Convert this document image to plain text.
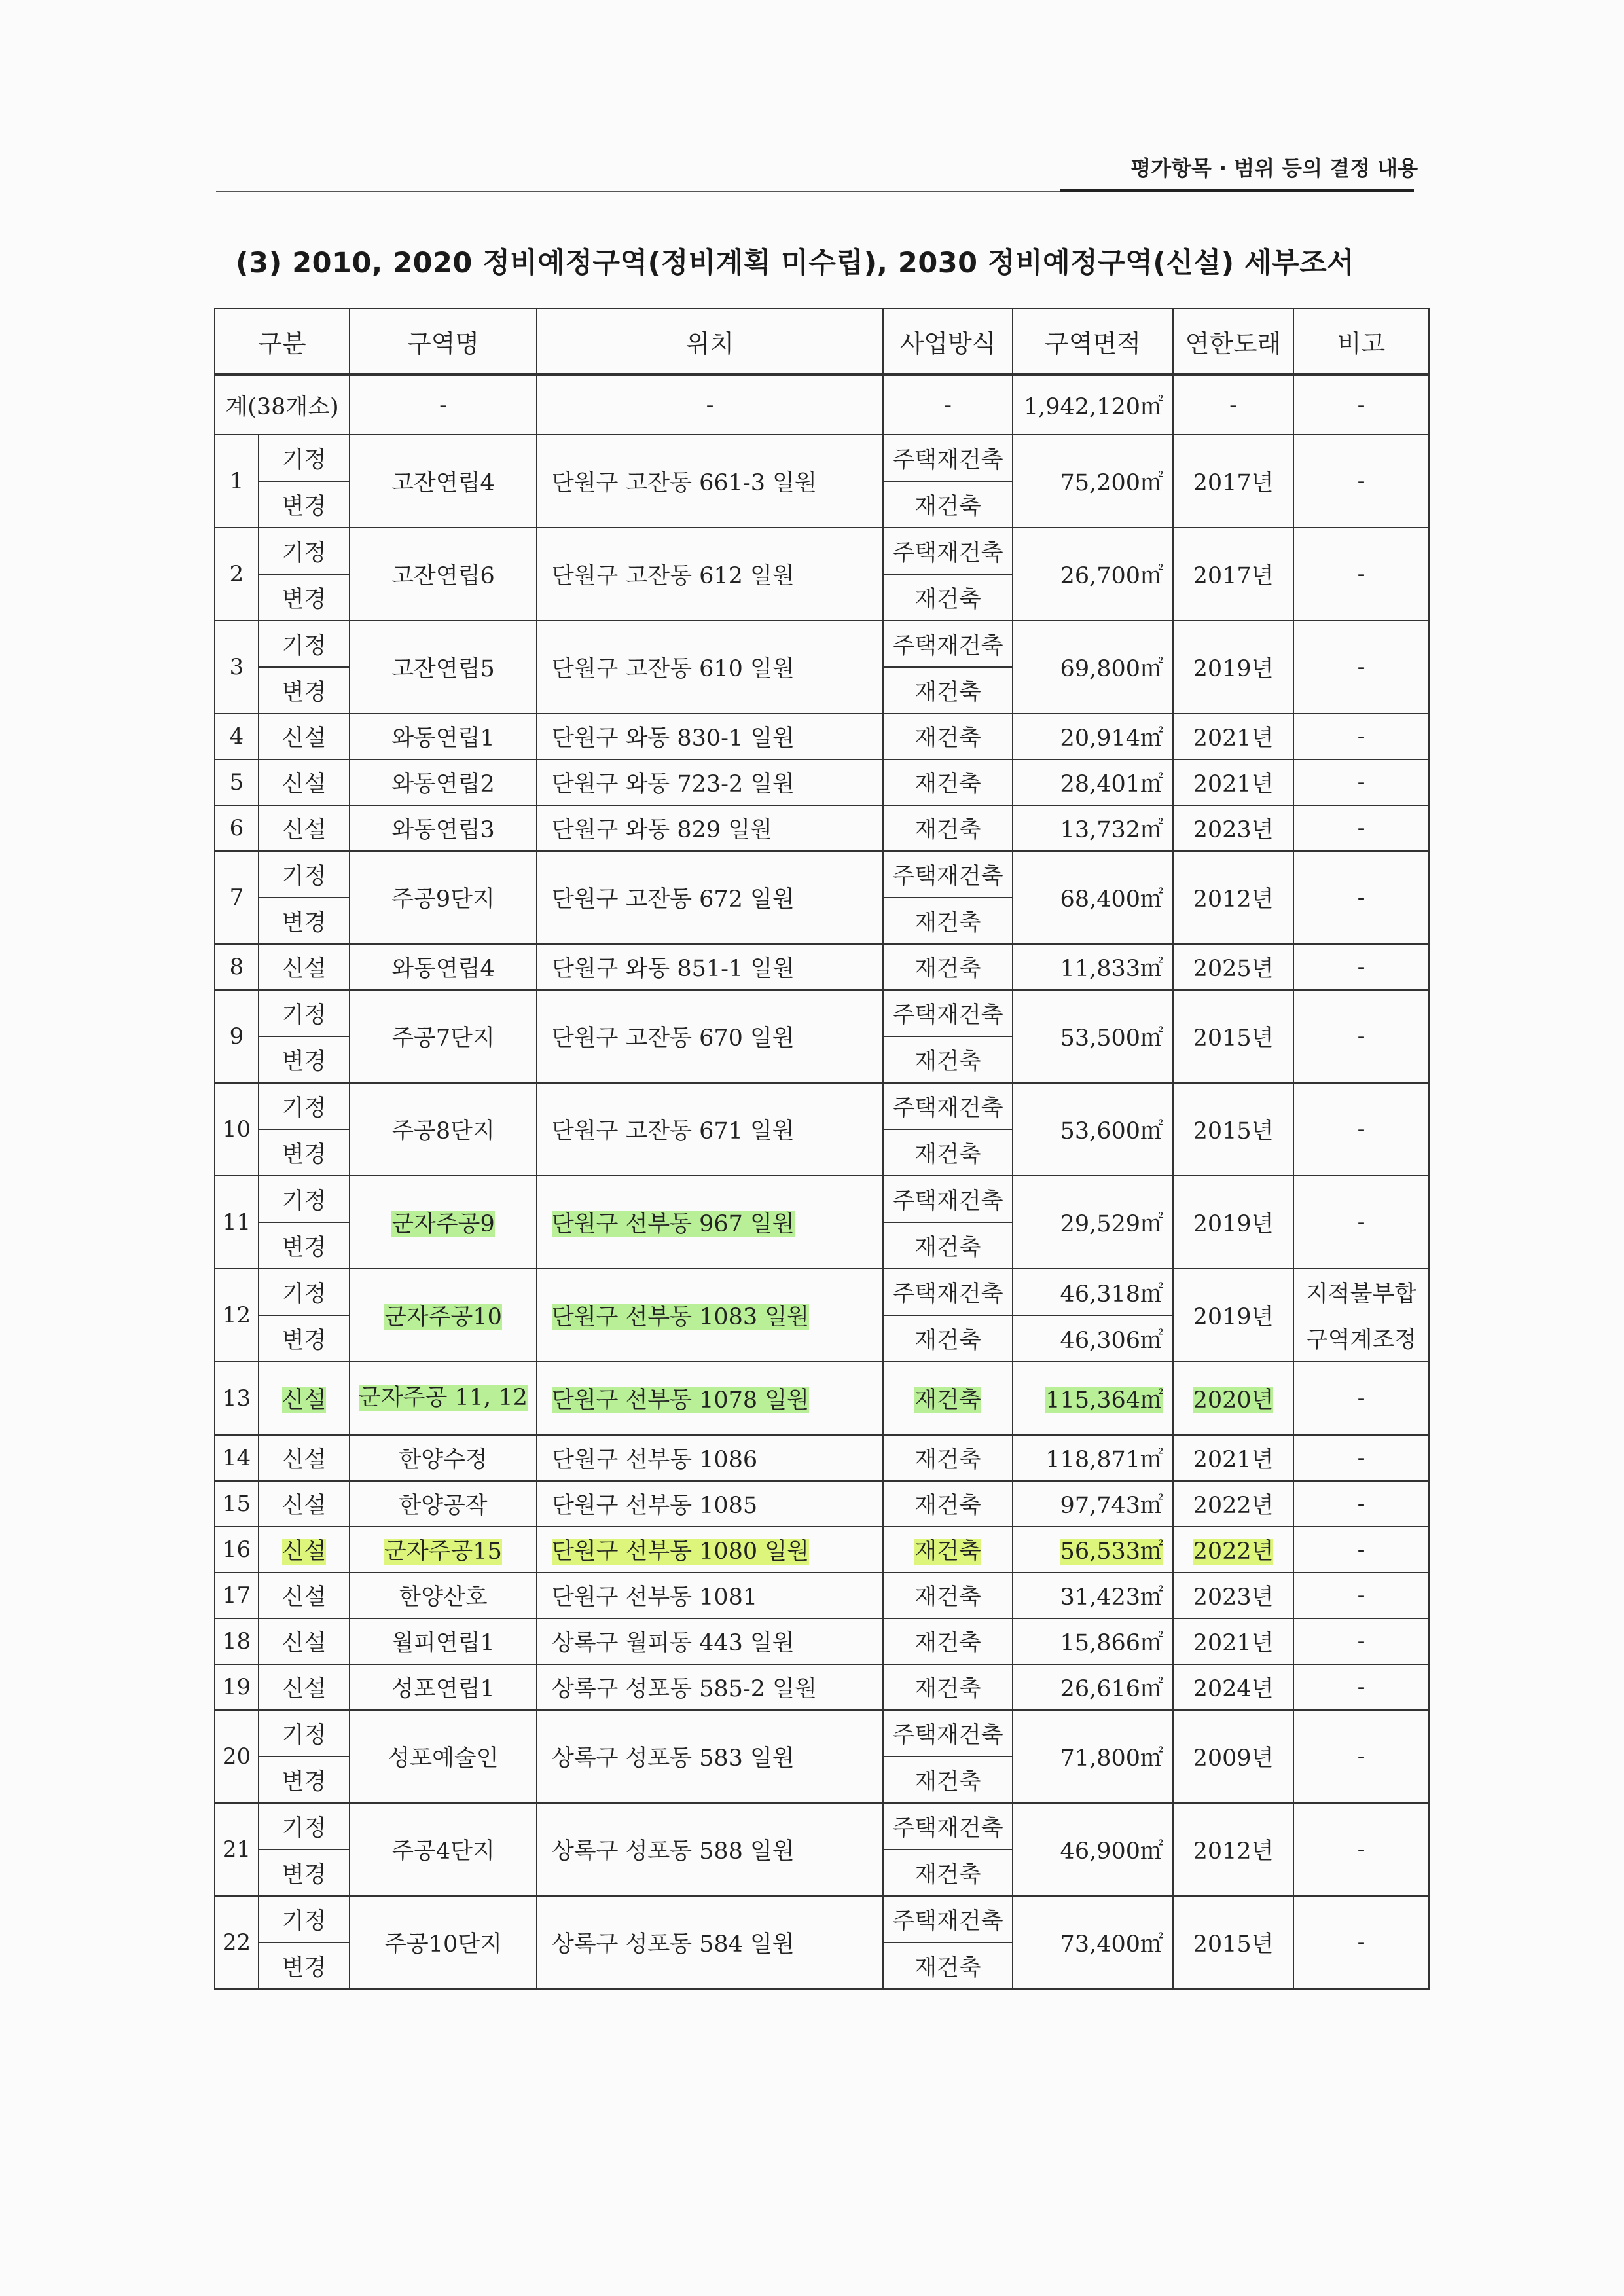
평가항목 · 범위 등의 결정 내용
(3) 2010, 2020 정비예정구역(정비계획 미수립), 2030 정비예정구역(신설) 세부조서
구분		구역명	위치	사업방식	구역면적	연한도래	비고
계(38개소)		-	-	-	1,942,120㎡	-	-
1	기정	고잔연립4	단원구 고잔동 661-3 일원	주택재건축	75,200㎡	2017년	-
	변경			재건축			
2	기정	고잔연립6	단원구 고잔동 612 일원	주택재건축	26,700㎡	2017년	-
	변경			재건축			
3	기정	고잔연립5	단원구 고잔동 610 일원	주택재건축	69,800㎡	2019년	-
	변경			재건축			
4	신설	와동연립1	단원구 와동 830-1 일원	재건축	20,914㎡	2021년	-
5	신설	와동연립2	단원구 와동 723-2 일원	재건축	28,401㎡	2021년	-
6	신설	와동연립3	단원구 와동 829 일원	재건축	13,732㎡	2023년	-
7	기정	주공9단지	단원구 고잔동 672 일원	주택재건축	68,400㎡	2012년	-
	변경			재건축			
8	신설	와동연립4	단원구 와동 851-1 일원	재건축	11,833㎡	2025년	-
9	기정	주공7단지	단원구 고잔동 670 일원	주택재건축	53,500㎡	2015년	-
	변경			재건축			
10	기정	주공8단지	단원구 고잔동 671 일원	주택재건축	53,600㎡	2015년	-
	변경			재건축			
11	기정	군자주공9	단원구 선부동 967 일원	주택재건축	29,529㎡	2019년	-
	변경			재건축			
12	기정	군자주공10	단원구 선부동 1083 일원	주택재건축	46,318㎡	2019년	지적불부합
	변경			재건축	46,306㎡		구역계조정
13	신설	군자주공 11, 12	단원구 선부동 1078 일원	재건축	115,364㎡	2020년	-
14	신설	한양수정	단원구 선부동 1086	재건축	118,871㎡	2021년	-
15	신설	한양공작	단원구 선부동 1085	재건축	97,743㎡	2022년	-
16	신설	군자주공15	단원구 선부동 1080 일원	재건축	56,533㎡	2022년	-
17	신설	한양산호	단원구 선부동 1081	재건축	31,423㎡	2023년	-
18	신설	월피연립1	상록구 월피동 443 일원	재건축	15,866㎡	2021년	-
19	신설	성포연립1	상록구 성포동 585-2 일원	재건축	26,616㎡	2024년	-
20	기정	성포예술인	상록구 성포동 583 일원	주택재건축	71,800㎡	2009년	-
	변경			재건축			
21	기정	주공4단지	상록구 성포동 588 일원	주택재건축	46,900㎡	2012년	-
	변경			재건축			
22	기정	주공10단지	상록구 성포동 584 일원	주택재건축	73,400㎡	2015년	-
	변경			재건축			
